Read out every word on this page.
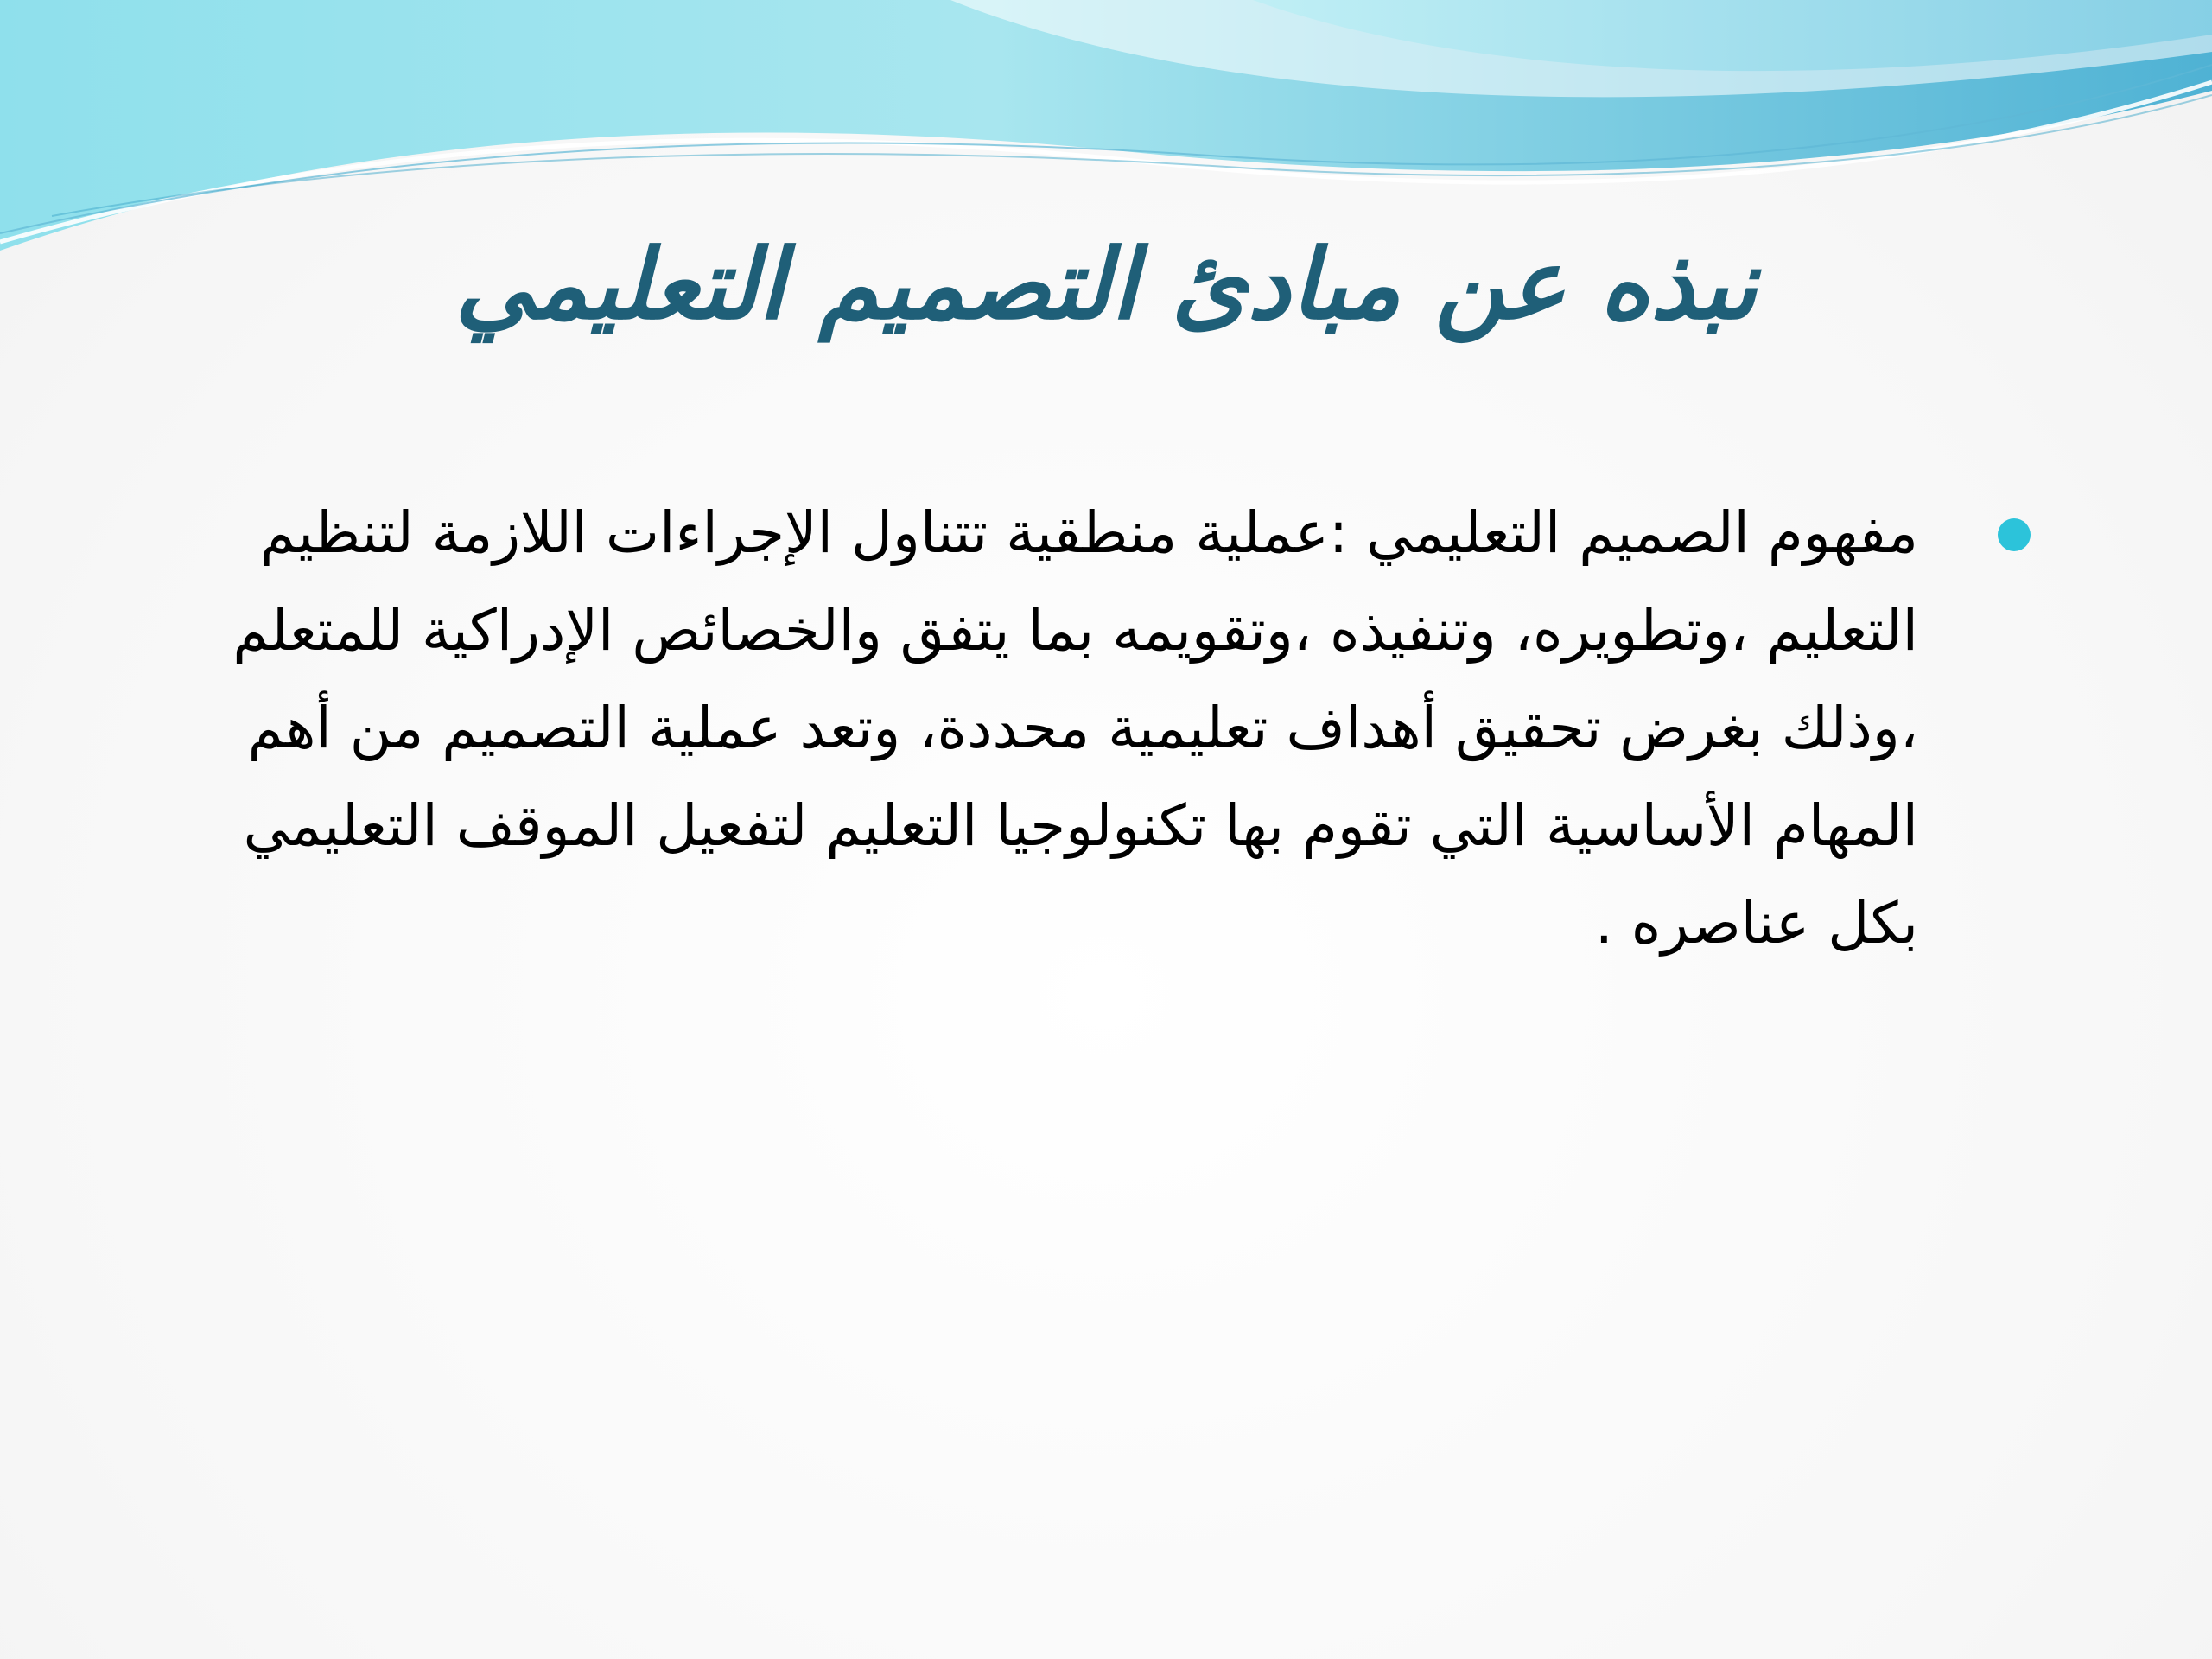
نبذه عن مبادئ التصميم التعليمي
مفهوم الصميم التعليمي :عملية منطقية تتناول الإجراءات اللازمة لتنظيم التعليم ،وتطويره، وتنفيذه ،وتقويمه بما يتفق والخصائص الإدراكية للمتعلم ،وذلك بغرض تحقيق أهداف تعليمية محددة، وتعد عملية التصميم من أهم المهام الأساسية التي تقوم بها تكنولوجيا التعليم لتفعيل الموقف التعليمي بكل عناصره .
